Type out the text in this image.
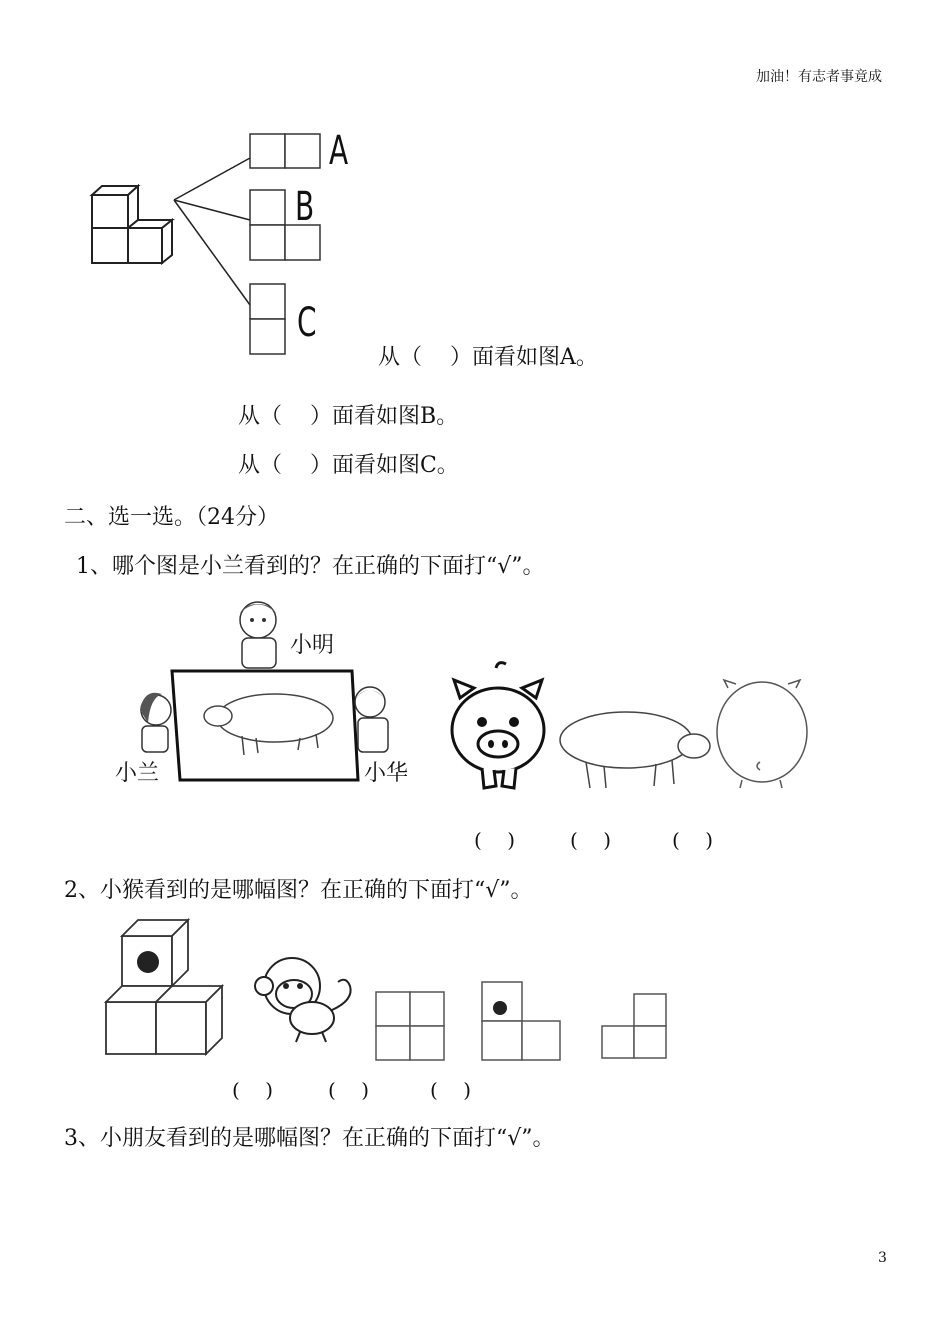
加油！有志者事竟成
A
B
C
从（    ）面看如图A。
从（    ）面看如图B。
从（    ）面看如图C。
二、选一选。（24分）
1、哪个图是小兰看到的？在正确的下面打“√”。
小明
小兰	小华
(    )	(    )	(    )
2、小猴看到的是哪幅图？在正确的下面打“√”。
(    )	(    )	(    )
3、小朋友看到的是哪幅图？在正确的下面打“√”。
3
